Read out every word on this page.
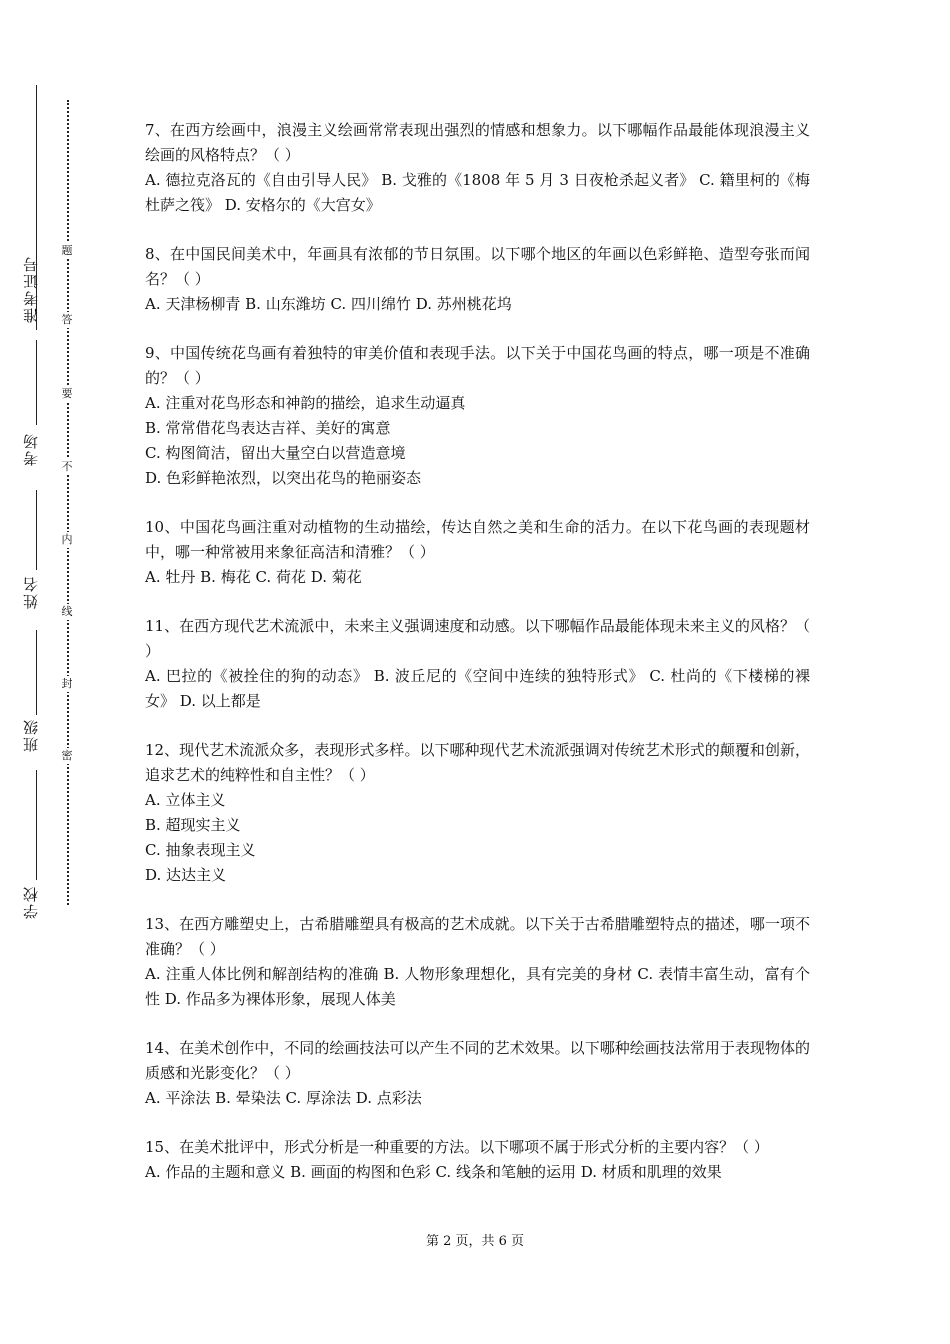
准考证号
考场
姓名
班级
学校
题
答
要
不
内
线
封
密
7、在西方绘画中，浪漫主义绘画常常表现出强烈的情感和想象力。以下哪幅作品最能体现浪漫主义绘画的风格特点？（ ）
A. 德拉克洛瓦的《自由引导人民》 B. 戈雅的《1808 年 5 月 3 日夜枪杀起义者》 C. 籍里柯的《梅杜萨之筏》 D. 安格尔的《大宫女》
8、在中国民间美术中，年画具有浓郁的节日氛围。以下哪个地区的年画以色彩鲜艳、造型夸张而闻名？（ ）
A. 天津杨柳青 B. 山东潍坊 C. 四川绵竹 D. 苏州桃花坞
9、中国传统花鸟画有着独特的审美价值和表现手法。以下关于中国花鸟画的特点，哪一项是不准确的？（ ）
A. 注重对花鸟形态和神韵的描绘，追求生动逼真
B. 常常借花鸟表达吉祥、美好的寓意
C. 构图简洁，留出大量空白以营造意境
D. 色彩鲜艳浓烈，以突出花鸟的艳丽姿态
10、中国花鸟画注重对动植物的生动描绘，传达自然之美和生命的活力。在以下花鸟画的表现题材中，哪一种常被用来象征高洁和清雅？（ ）
A. 牡丹 B. 梅花 C. 荷花 D. 菊花
11、在西方现代艺术流派中，未来主义强调速度和动感。以下哪幅作品最能体现未来主义的风格？（ ）
A. 巴拉的《被拴住的狗的动态》 B. 波丘尼的《空间中连续的独特形式》 C. 杜尚的《下楼梯的裸女》 D. 以上都是
12、现代艺术流派众多，表现形式多样。以下哪种现代艺术流派强调对传统艺术形式的颠覆和创新，追求艺术的纯粹性和自主性？（ ）
A. 立体主义
B. 超现实主义
C. 抽象表现主义
D. 达达主义
13、在西方雕塑史上，古希腊雕塑具有极高的艺术成就。以下关于古希腊雕塑特点的描述，哪一项不准确？（ ）
A. 注重人体比例和解剖结构的准确 B. 人物形象理想化，具有完美的身材 C. 表情丰富生动，富有个性 D. 作品多为裸体形象，展现人体美
14、在美术创作中，不同的绘画技法可以产生不同的艺术效果。以下哪种绘画技法常用于表现物体的质感和光影变化？（ ）
A. 平涂法 B. 晕染法 C. 厚涂法 D. 点彩法
15、在美术批评中，形式分析是一种重要的方法。以下哪项不属于形式分析的主要内容？（ ）
A. 作品的主题和意义 B. 画面的构图和色彩 C. 线条和笔触的运用 D. 材质和肌理的效果
第 2 页，共 6 页
